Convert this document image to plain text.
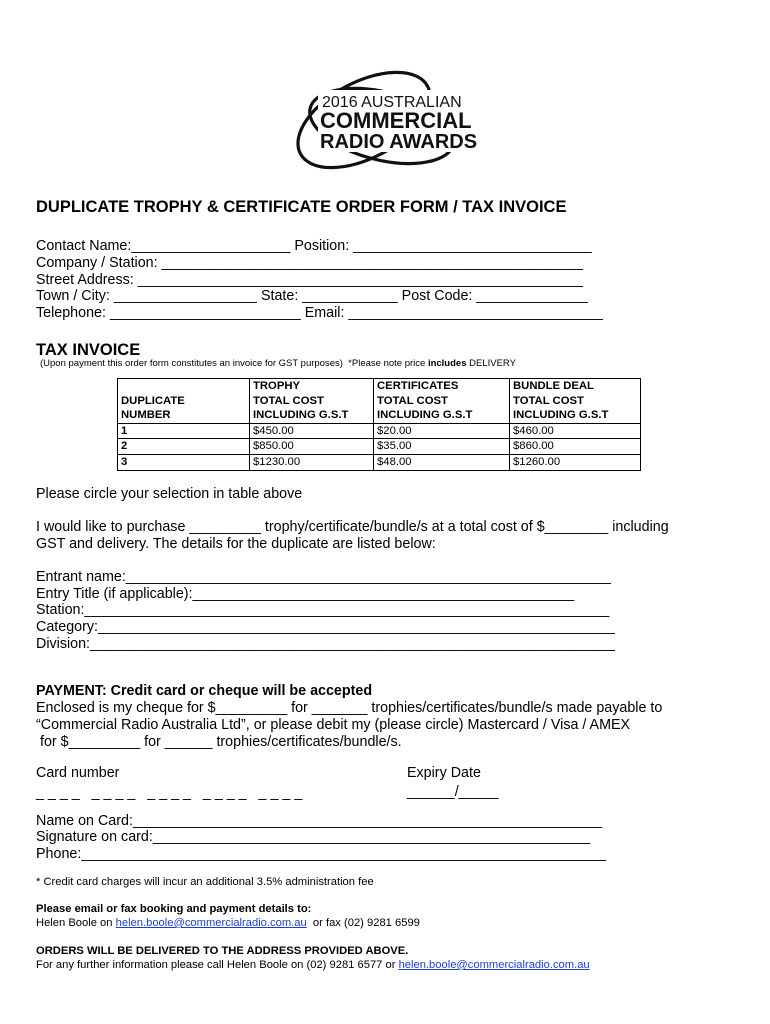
2016 AUSTRALIAN
COMMERCIAL
RADIO AWARDS
DUPLICATE TROPHY & CERTIFICATE ORDER FORM / TAX INVOICE
Contact Name:____________________ Position: ______________________________
Company / Station: _____________________________________________________
Street Address: ________________________________________________________
Town / City: __________________ State: ____________ Post Code: ______________
Telephone: ________________________ Email: ________________________________
TAX INVOICE
(Upon payment this order form constitutes an invoice for GST purposes)  *Please note price includes DELIVERY

DUPLICATE
NUMBER	TROPHY
TOTAL COST
INCLUDING G.S.T	CERTIFICATES
TOTAL COST
INCLUDING G.S.T	BUNDLE DEAL
TOTAL COST
INCLUDING G.S.T
1	$450.00	$20.00	$460.00
2	$850.00	$35.00	$860.00
3	$1230.00	$48.00	$1260.00
Please circle your selection in table above
I would like to purchase _________ trophy/certificate/bundle/s at a total cost of $________ including
GST and delivery. The details for the duplicate are listed below:
Entrant name:_____________________________________________________________
Entry Title (if applicable):________________________________________________
Station:__________________________________________________________________
Category:_________________________________________________________________
Division:__________________________________________________________________
PAYMENT: Credit card or cheque will be accepted
Enclosed is my cheque for $_________ for _______ trophies/certificates/bundle/s made payable to
“Commercial Radio Australia Ltd”, or please debit my (please circle) Mastercard / Visa / AMEX
for $_________ for ______ trophies/certificates/bundle/s.
Card number
_ _ _ _   _ _ _ _   _ _ _ _   _ _ _ _   _ _ _ _
Expiry Date
______/_____
Name on Card:___________________________________________________________
Signature on card:_______________________________________________________
Phone:__________________________________________________________________
* Credit card charges will incur an additional 3.5% administration fee
Please email or fax booking and payment details to:
Helen Boole on helen.boole@commercialradio.com.au  or fax (02) 9281 6599
ORDERS WILL BE DELIVERED TO THE ADDRESS PROVIDED ABOVE.
For any further information please call Helen Boole on (02) 9281 6577 or helen.boole@commercialradio.com.au
